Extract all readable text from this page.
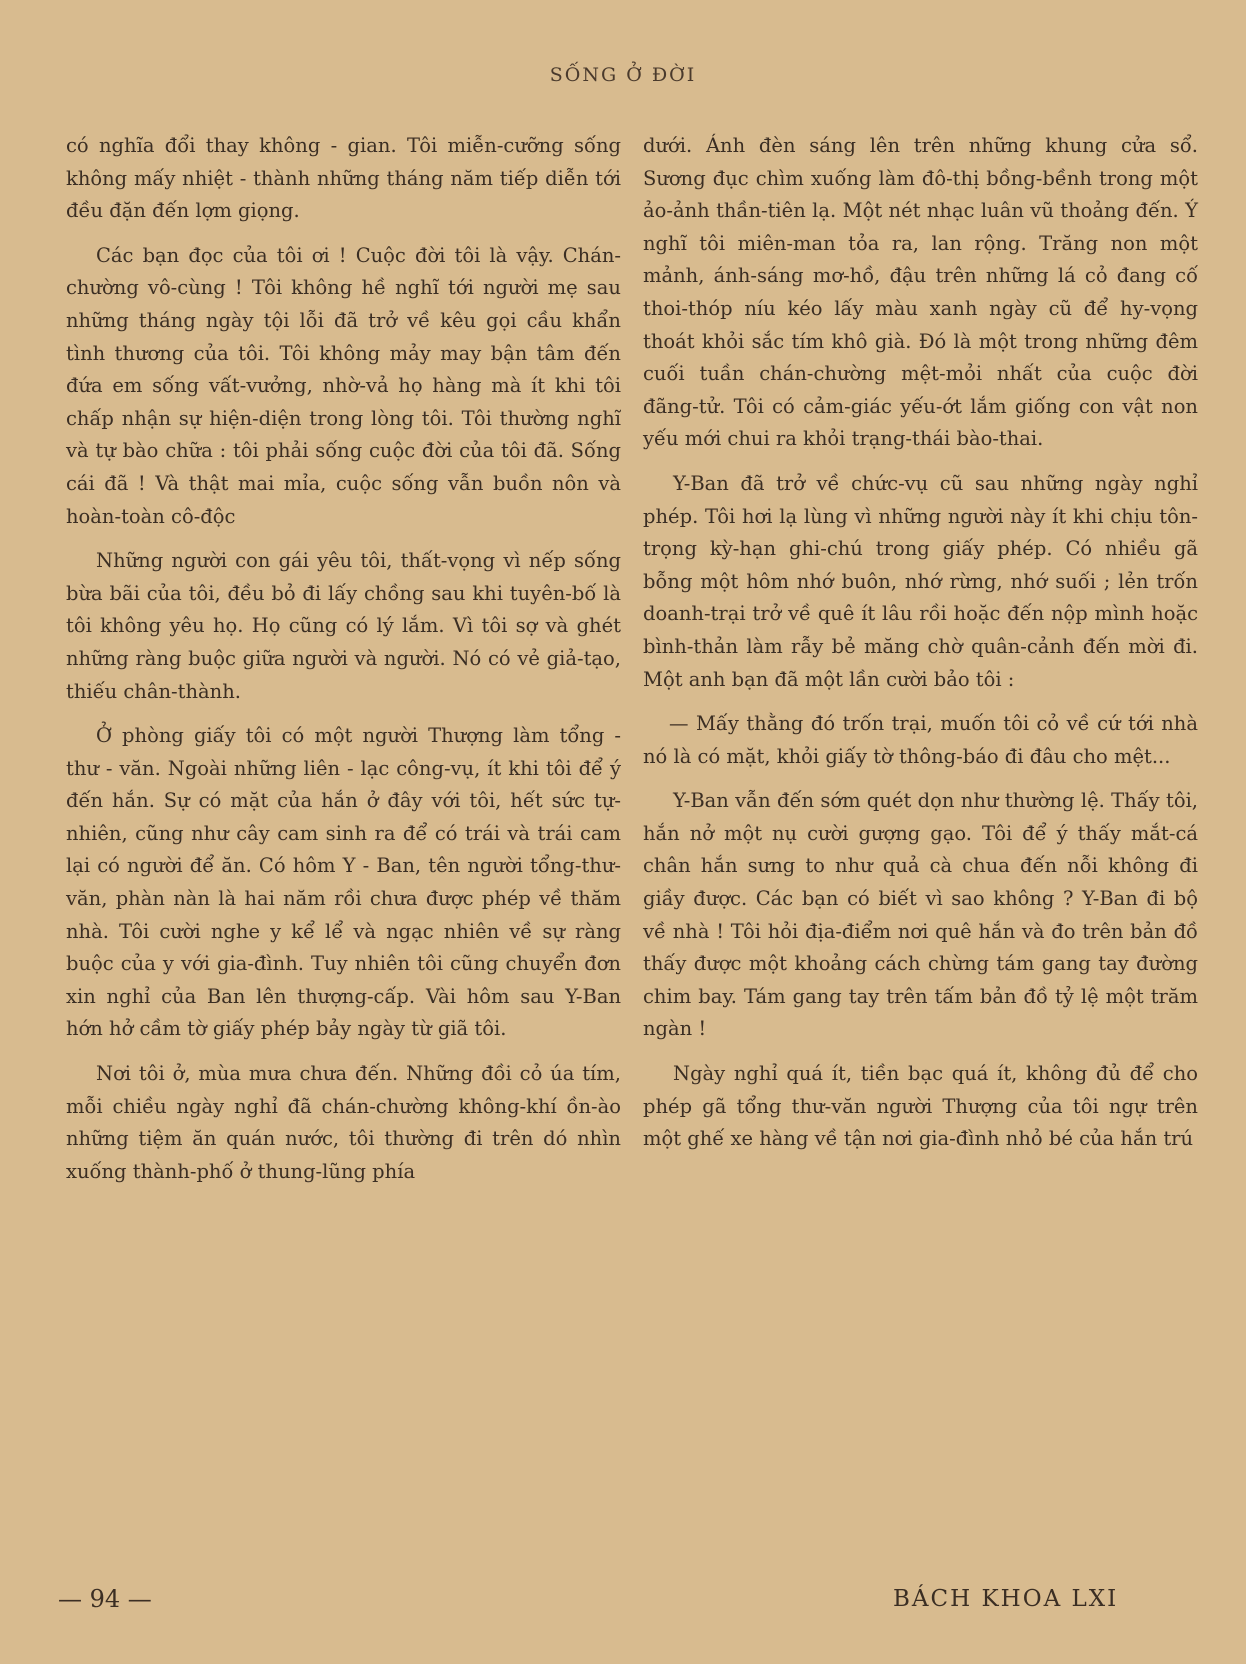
SỐNG Ở ĐỜI

có nghĩa đổi thay không - gian. Tôi miễn-cưỡng sống không mấy nhiệt - thành những tháng năm tiếp diễn tới đều đặn đến lợm giọng.

Các bạn đọc của tôi ơi ! Cuộc đời tôi là vậy. Chán-chường vô-cùng ! Tôi không hề nghĩ tới người mẹ sau những tháng ngày tội lỗi đã trở về kêu gọi cầu khẩn tình thương của tôi. Tôi không mảy may bận tâm đến đứa em sống vất-vưởng, nhờ-vả họ hàng mà ít khi tôi chấp nhận sự hiện-diện trong lòng tôi. Tôi thường nghĩ và tự bào chữa : tôi phải sống cuộc đời của tôi đã. Sống cái đã ! Và thật mai mỉa, cuộc sống vẫn buồn nôn và hoàn-toàn cô-độc

Những người con gái yêu tôi, thất-vọng vì nếp sống bừa bãi của tôi, đều bỏ đi lấy chồng sau khi tuyên-bố là tôi không yêu họ. Họ cũng có lý lắm. Vì tôi sợ và ghét những ràng buộc giữa người và người. Nó có vẻ giả-tạo, thiếu chân-thành.

Ở phòng giấy tôi có một người Thượng làm tổng - thư - văn. Ngoài những liên - lạc công-vụ, ít khi tôi để ý đến hắn. Sự có mặt của hắn ở đây với tôi, hết sức tự-nhiên, cũng như cây cam sinh ra để có trái và trái cam lại có người để ăn. Có hôm Y - Ban, tên người tổng-thư-văn, phàn nàn là hai năm rồi chưa được phép về thăm nhà. Tôi cười nghe y kể lể và ngạc nhiên về sự ràng buộc của y với gia-đình. Tuy nhiên tôi cũng chuyển đơn xin nghỉ của Ban lên thượng-cấp. Vài hôm sau Y-Ban hớn hở cầm tờ giấy phép bảy ngày từ giã tôi.

Nơi tôi ở, mùa mưa chưa đến. Những đồi cỏ úa tím, mỗi chiều ngày nghỉ đã chán-chường không-khí ồn-ào những tiệm ăn quán nước, tôi thường đi trên dó nhìn xuống thành-phố ở thung-lũng phía

dưới. Ánh đèn sáng lên trên những khung cửa sổ. Sương đục chìm xuống làm đô-thị bồng-bềnh trong một ảo-ảnh thần-tiên lạ. Một nét nhạc luân vũ thoảng đến. Ý nghĩ tôi miên-man tỏa ra, lan rộng. Trăng non một mảnh, ánh-sáng mơ-hồ, đậu trên những lá cỏ đang cố thoi-thóp níu kéo lấy màu xanh ngày cũ để hy-vọng thoát khỏi sắc tím khô già. Đó là một trong những đêm cuối tuần chán-chường mệt-mỏi nhất của cuộc đời đãng-tử. Tôi có cảm-giác yếu-ớt lắm giống con vật non yếu mới chui ra khỏi trạng-thái bào-thai.

Y-Ban đã trở về chức-vụ cũ sau những ngày nghỉ phép. Tôi hơi lạ lùng vì những người này ít khi chịu tôn-trọng kỳ-hạn ghi-chú trong giấy phép. Có nhiều gã bỗng một hôm nhớ buôn, nhớ rừng, nhớ suối ; lẻn trốn doanh-trại trở về quê ít lâu rồi hoặc đến nộp mình hoặc bình-thản làm rẫy bẻ măng chờ quân-cảnh đến mời đi. Một anh bạn đã một lần cười bảo tôi :

— Mấy thằng đó trốn trại, muốn tôi cỏ về cứ tới nhà nó là có mặt, khỏi giấy tờ thông-báo đi đâu cho mệt...

Y-Ban vẫn đến sớm quét dọn như thường lệ. Thấy tôi, hắn nở một nụ cười gượng gạo. Tôi để ý thấy mắt-cá chân hắn sưng to như quả cà chua đến nỗi không đi giầy được. Các bạn có biết vì sao không ? Y-Ban đi bộ về nhà ! Tôi hỏi địa-điểm nơi quê hắn và đo trên bản đồ thấy được một khoảng cách chừng tám gang tay đường chim bay. Tám gang tay trên tấm bản đồ tỷ lệ một trăm ngàn !

Ngày nghỉ quá ít, tiền bạc quá ít, không đủ để cho phép gã tổng thư-văn người Thượng của tôi ngự trên một ghế xe hàng về tận nơi gia-đình nhỏ bé của hắn trú

— 94 —	BÁCH KHOA LXI
